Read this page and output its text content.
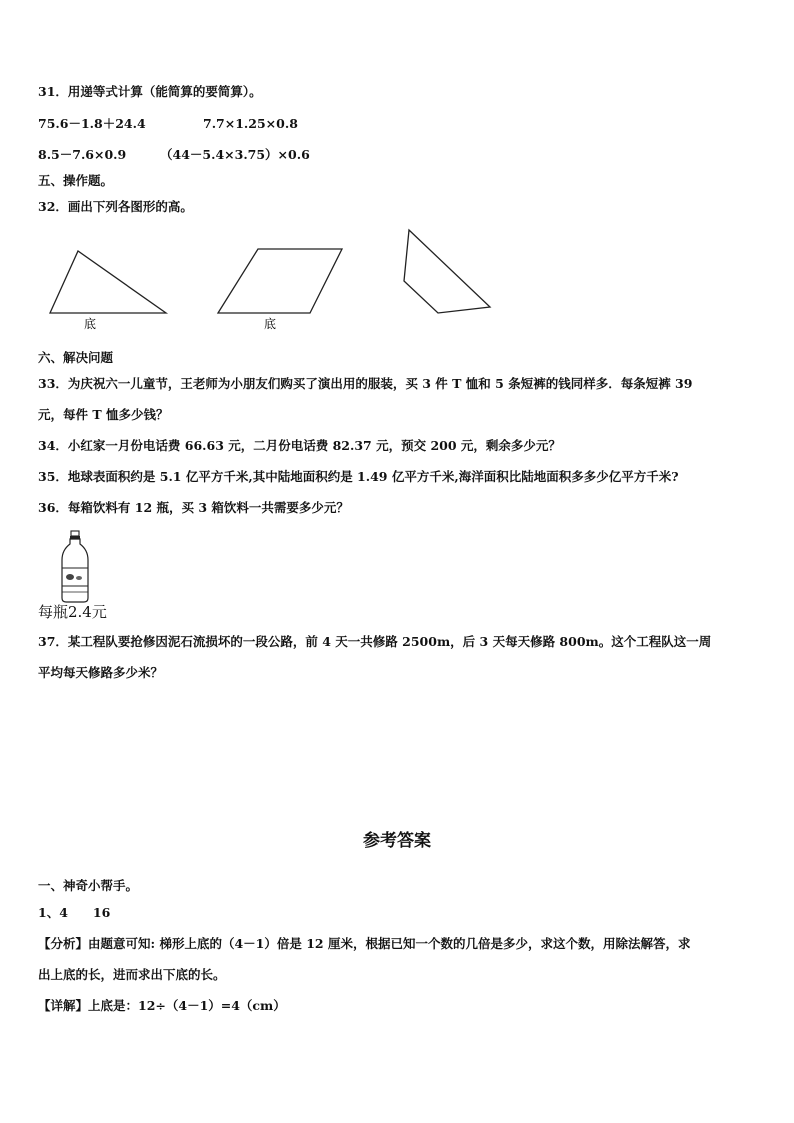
31．用递等式计算（能简算的要简算）。
75.6－1.8＋24.4	7.7×1.25×0.8
8.5－7.6×0.9	（44－5.4×3.75）×0.6
五、操作题。
32．画出下列各图形的高。
底	底
六、解决问题
33．为庆祝六一儿童节，王老师为小朋友们购买了演出用的服装，买 3 件 T 恤和 5 条短裤的钱同样多．每条短裤 39
元，每件 T 恤多少钱？
34．小红家一月份电话费 66.63 元，二月份电话费 82.37 元，预交 200 元，剩余多少元？
35．地球表面积约是 5.1 亿平方千米,其中陆地面积约是 1.49 亿平方千米,海洋面积比陆地面积多多少亿平方千米?
36．每箱饮料有 12 瓶，买 3 箱饮料一共需要多少元？
每瓶2.4元
37．某工程队要抢修因泥石流损坏的一段公路，前 4 天一共修路 2500m，后 3 天每天修路 800m。这个工程队这一周
平均每天修路多少米？
参考答案
一、神奇小帮手。
1、4　　16
【分析】由题意可知: 梯形上底的（4－1）倍是 12 厘米，根据已知一个数的几倍是多少，求这个数，用除法解答，求
出上底的长，进而求出下底的长。
【详解】上底是：12÷（4－1）=4（cm）
